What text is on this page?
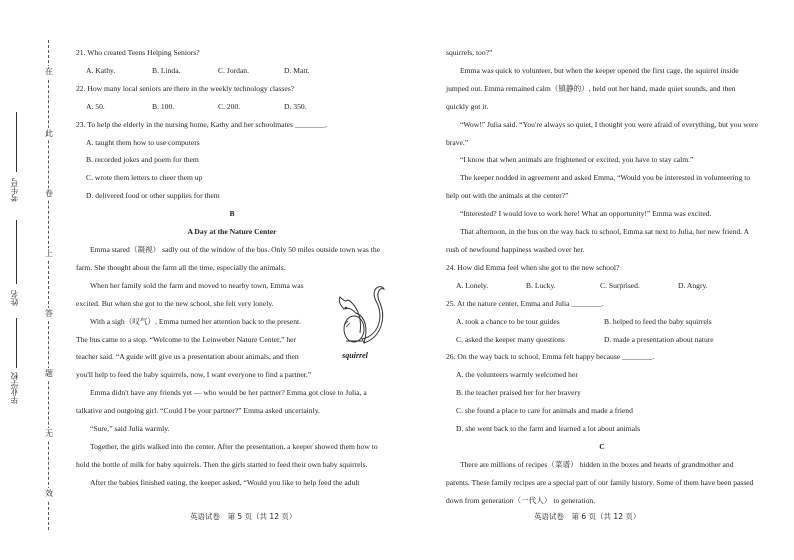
在
此
卷
上
答
题
无
效
考生号
姓名
毕业学校

21. Who created Teens Helping Seniors?

A. Kathy.	B. Linda.	C. Jordan.	D. Matt.

22. How many local seniors are there in the weekly technology classes?

A. 50.	B. 100.	C. 200.	D. 350.

23. To help the elderly in the nursing home, Kathy and her schoolmates ________.

A. taught them how to use computers

B. recorded jokes and poem for them

C. wrote them letters to cheer them up

D. delivered food or other supplies for them

B

A Day at the Nature Center

Emma stared（凝视） sadly out of the window of the bus. Only 50 miles outside town was the farm. She thought about the farm all the time, especially the animals.

squirrel

When her family sold the farm and moved to nearby town, Emma was excited. But when she got to the new school, she felt very lonely.

With a sigh（叹气）, Emma turned her attention back to the present. The bus came to a stop. “Welcome to the Leinweber Nature Center,” her teacher said. “A guide will give us a presentation about animals, and then you'll help to feed the baby squirrels, now, I want everyone to find a partner.”

Emma didn't have any friends yet — who would be her partner? Emma got close to Julia, a talkative and outgoing girl. “Could I be your partner?” Emma asked uncertainly.

“Sure,” said Julia warmly.

Together, the girls walked into the center. After the presentation, a keeper showed them how to hold the bottle of milk for baby squirrels. Then the girls started to feed their own baby squirrels.

After the babies finished eating, the keeper asked, “Would you like to help feed the adult

squirrels, too?”

Emma was quick to volunteer, but when the keeper opened the first cage, the squirrel inside jumped out. Emma remained calm（镇静的）, held out her hand, made quiet sounds, and then quickly got it.

“Wow!” Julia said. “You're always so quiet, I thought you were afraid of everything, but you were brave.”

“I know that when animals are frightened or excited, you have to stay calm.”

The keeper nodded in agreement and asked Emma, “Would you be interested in volunteering to help out with the animals at the center?”

“Interested? I would love to work here! What an opportunity!” Emma was excited.

That afternoon, in the bus on the way back to school, Emma sat next to Julia, her new friend. A rush of newfound happiness washed over her.

24. How did Emma feel when she got to the new school?

A. Lonely.	B. Lucky.	C. Surprised.	D. Angry.

25. At the nature center, Emma and Julia ________.

A. took a chance to be tour guides	B. helped to feed the baby squirrels
C. asked the keeper many questions	D. made a presentation about nature

26. On the way back to school, Emma felt happy because ________.

A. the volunteers warmly welcomed her

B. the teacher praised her for her bravery

C. she found a place to care for animals and made a friend

D. she went back to the farm and learned a lot about animals

C

There are millions of recipes（菜谱） hidden in the boxes and hearts of grandmother and parents. These family recipes are a special part of our family history. Some of them have been passed down from generation（一代人） to generation.

英语试卷　第 5 页（共 12 页）	英语试卷　第 6 页（共 12 页）
